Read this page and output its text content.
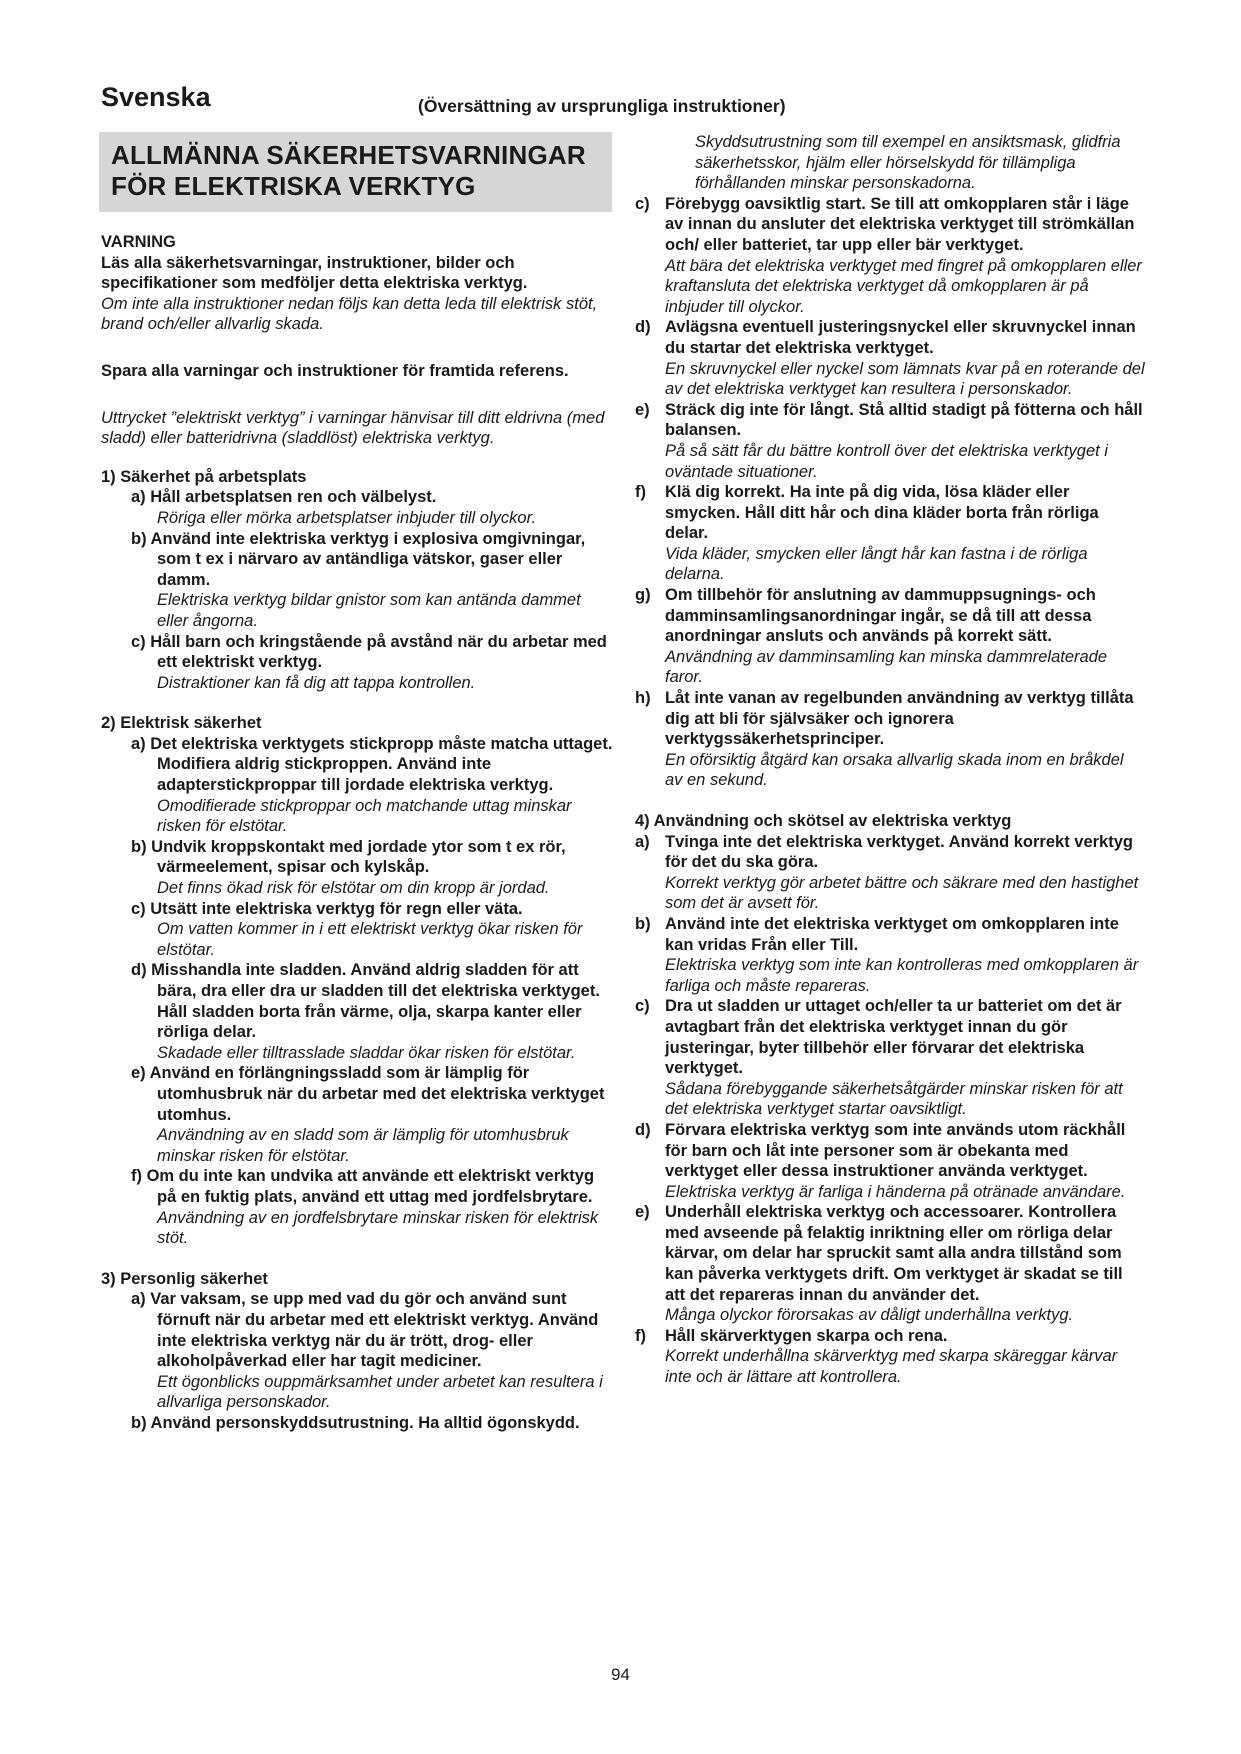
Svenska	(Översättning av ursprungliga instruktioner)
ALLMÄNNA SÄKERHETSVARNINGAR FÖR ELEKTRISKA VERKTYG
VARNING

Läs alla säkerhetsvarningar, instruktioner, bilder och specifikationer som medföljer detta elektriska verktyg.

Om inte alla instruktioner nedan följs kan detta leda till elektrisk stöt, brand och/eller allvarlig skada.

Spara alla varningar och instruktioner för framtida referens.

Uttrycket ”elektriskt verktyg” i varningar hänvisar till ditt eldrivna (med sladd) eller batteridrivna (sladdlöst) elektriska verktyg.

1) Säkerhet på arbetsplats
a) Håll arbetsplatsen ren och välbelyst.
Röriga eller mörka arbetsplatser inbjuder till olyckor.
b) Använd inte elektriska verktyg i explosiva omgivningar, som t ex i närvaro av antändliga vätskor, gaser eller damm.
Elektriska verktyg bildar gnistor som kan antända dammet eller ångorna.
c) Håll barn och kringstående på avstånd när du arbetar med ett elektriskt verktyg.
Distraktioner kan få dig att tappa kontrollen.
2) Elektrisk säkerhet
a) Det elektriska verktygets stickpropp måste matcha uttaget. Modifiera aldrig stickproppen. Använd inte adapterstickproppar till jordade elektriska verktyg.
Omodifierade stickproppar och matchande uttag minskar risken för elstötar.
b) Undvik kroppskontakt med jordade ytor som t ex rör, värmeelement, spisar och kylskåp.
Det finns ökad risk för elstötar om din kropp är jordad.
c) Utsätt inte elektriska verktyg för regn eller väta.
Om vatten kommer in i ett elektriskt verktyg ökar risken för elstötar.
d) Misshandla inte sladden. Använd aldrig sladden för att bära, dra eller dra ur sladden till det elektriska verktyget. Håll sladden borta från värme, olja, skarpa kanter eller rörliga delar.
Skadade eller tilltrasslade sladdar ökar risken för elstötar.
e) Använd en förlängningssladd som är lämplig för utomhusbruk när du arbetar med det elektriska verktyget utomhus.
Användning av en sladd som är lämplig för utomhusbruk minskar risken för elstötar.
f) Om du inte kan undvika att använde ett elektriskt verktyg på en fuktig plats, använd ett uttag med jordfelsbrytare.
Användning av en jordfelsbrytare minskar risken för elektrisk stöt.
3) Personlig säkerhet
a) Var vaksam, se upp med vad du gör och använd sunt förnuft när du arbetar med ett elektriskt verktyg. Använd inte elektriska verktyg när du är trött, drog- eller alkoholpåverkad eller har tagit mediciner.
Ett ögonblicks ouppmärksamhet under arbetet kan resultera i allvarliga personskador.
b) Använd personskyddsutrustning. Ha alltid ögonskydd.

Skyddsutrustning som till exempel en ansiktsmask, glidfria säkerhetsskor, hjälm eller hörselskydd för tillämpliga förhållanden minskar personskadorna.

c) Förebygg oavsiktlig start. Se till att omkopplaren står i läge av innan du ansluter det elektriska verktyget till strömkällan och/ eller batteriet, tar upp eller bär verktyget.
Att bära det elektriska verktyget med fingret på omkopplaren eller kraftansluta det elektriska verktyget då omkopplaren är på inbjuder till olyckor.
d) Avlägsna eventuell justeringsnyckel eller skruvnyckel innan du startar det elektriska verktyget.
En skruvnyckel eller nyckel som lämnats kvar på en roterande del av det elektriska verktyget kan resultera i personskador.
e) Sträck dig inte för långt. Stå alltid stadigt på fötterna och håll balansen.
På så sätt får du bättre kontroll över det elektriska verktyget i oväntade situationer.
f) Klä dig korrekt. Ha inte på dig vida, lösa kläder eller smycken. Håll ditt hår och dina kläder borta från rörliga delar.
Vida kläder, smycken eller långt hår kan fastna i de rörliga delarna.
g) Om tillbehör för anslutning av dammuppsugnings- och damminsamlingsanordningar ingår, se då till att dessa anordningar ansluts och används på korrekt sätt.
Användning av damminsamling kan minska dammrelaterade faror.
h) Låt inte vanan av regelbunden användning av verktyg tillåta dig att bli för självsäker och ignorera verktygssäkerhetsprinciper.
En oförsiktig åtgärd kan orsaka allvarlig skada inom en bråkdel av en sekund.
4) Användning och skötsel av elektriska verktyg
a) Tvinga inte det elektriska verktyget. Använd korrekt verktyg för det du ska göra.
Korrekt verktyg gör arbetet bättre och säkrare med den hastighet som det är avsett för.
b) Använd inte det elektriska verktyget om omkopplaren inte kan vridas Från eller Till.
Elektriska verktyg som inte kan kontrolleras med omkopplaren är farliga och måste repareras.
c) Dra ut sladden ur uttaget och/eller ta ur batteriet om det är avtagbart från det elektriska verktyget innan du gör justeringar, byter tillbehör eller förvarar det elektriska verktyget.
Sådana förebyggande säkerhetsåtgärder minskar risken för att det elektriska verktyget startar oavsiktligt.
d) Förvara elektriska verktyg som inte används utom räckhåll för barn och låt inte personer som är obekanta med verktyget eller dessa instruktioner använda verktyget.
Elektriska verktyg är farliga i händerna på otränade användare.
e) Underhåll elektriska verktyg och accessoarer. Kontrollera med avseende på felaktig inriktning eller om rörliga delar kärvar, om delar har spruckit samt alla andra tillstånd som kan påverka verktygets drift. Om verktyget är skadat se till att det repareras innan du använder det.
Många olyckor förorsakas av dåligt underhållna verktyg.
f) Håll skärverktygen skarpa och rena.
Korrekt underhållna skärverktyg med skarpa skäreggar kärvar inte och är lättare att kontrollera.
94
